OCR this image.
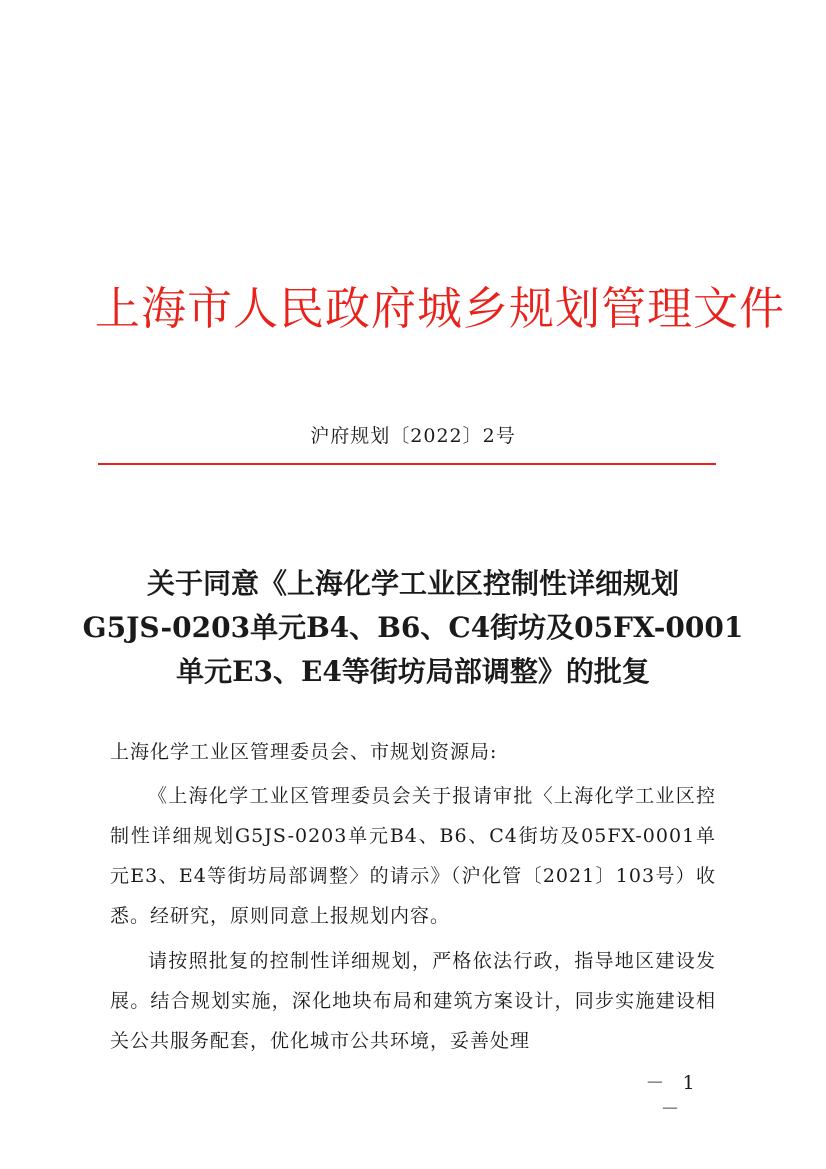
上海市人民政府城乡规划管理文件
沪府规划〔2022〕2号
关于同意《上海化学工业区控制性详细规划
G5JS-0203单元B4、B6、C4街坊及05FX-0001
单元E3、E4等街坊局部调整》的批复
上海化学工业区管理委员会、市规划资源局:

《上海化学工业区管理委员会关于报请审批〈上海化学工业区控制性详细规划G5JS-0203单元B4、B6、C4街坊及05FX-0001单元E3、E4等街坊局部调整〉的请示》（沪化管〔2021〕103号）收悉。经研究，原则同意上报规划内容。

请按照批复的控制性详细规划，严格依法行政，指导地区建设发展。结合规划实施，深化地块布局和建筑方案设计，同步实施建设相关公共服务配套，优化城市公共环境，妥善处理

－ 1 －
